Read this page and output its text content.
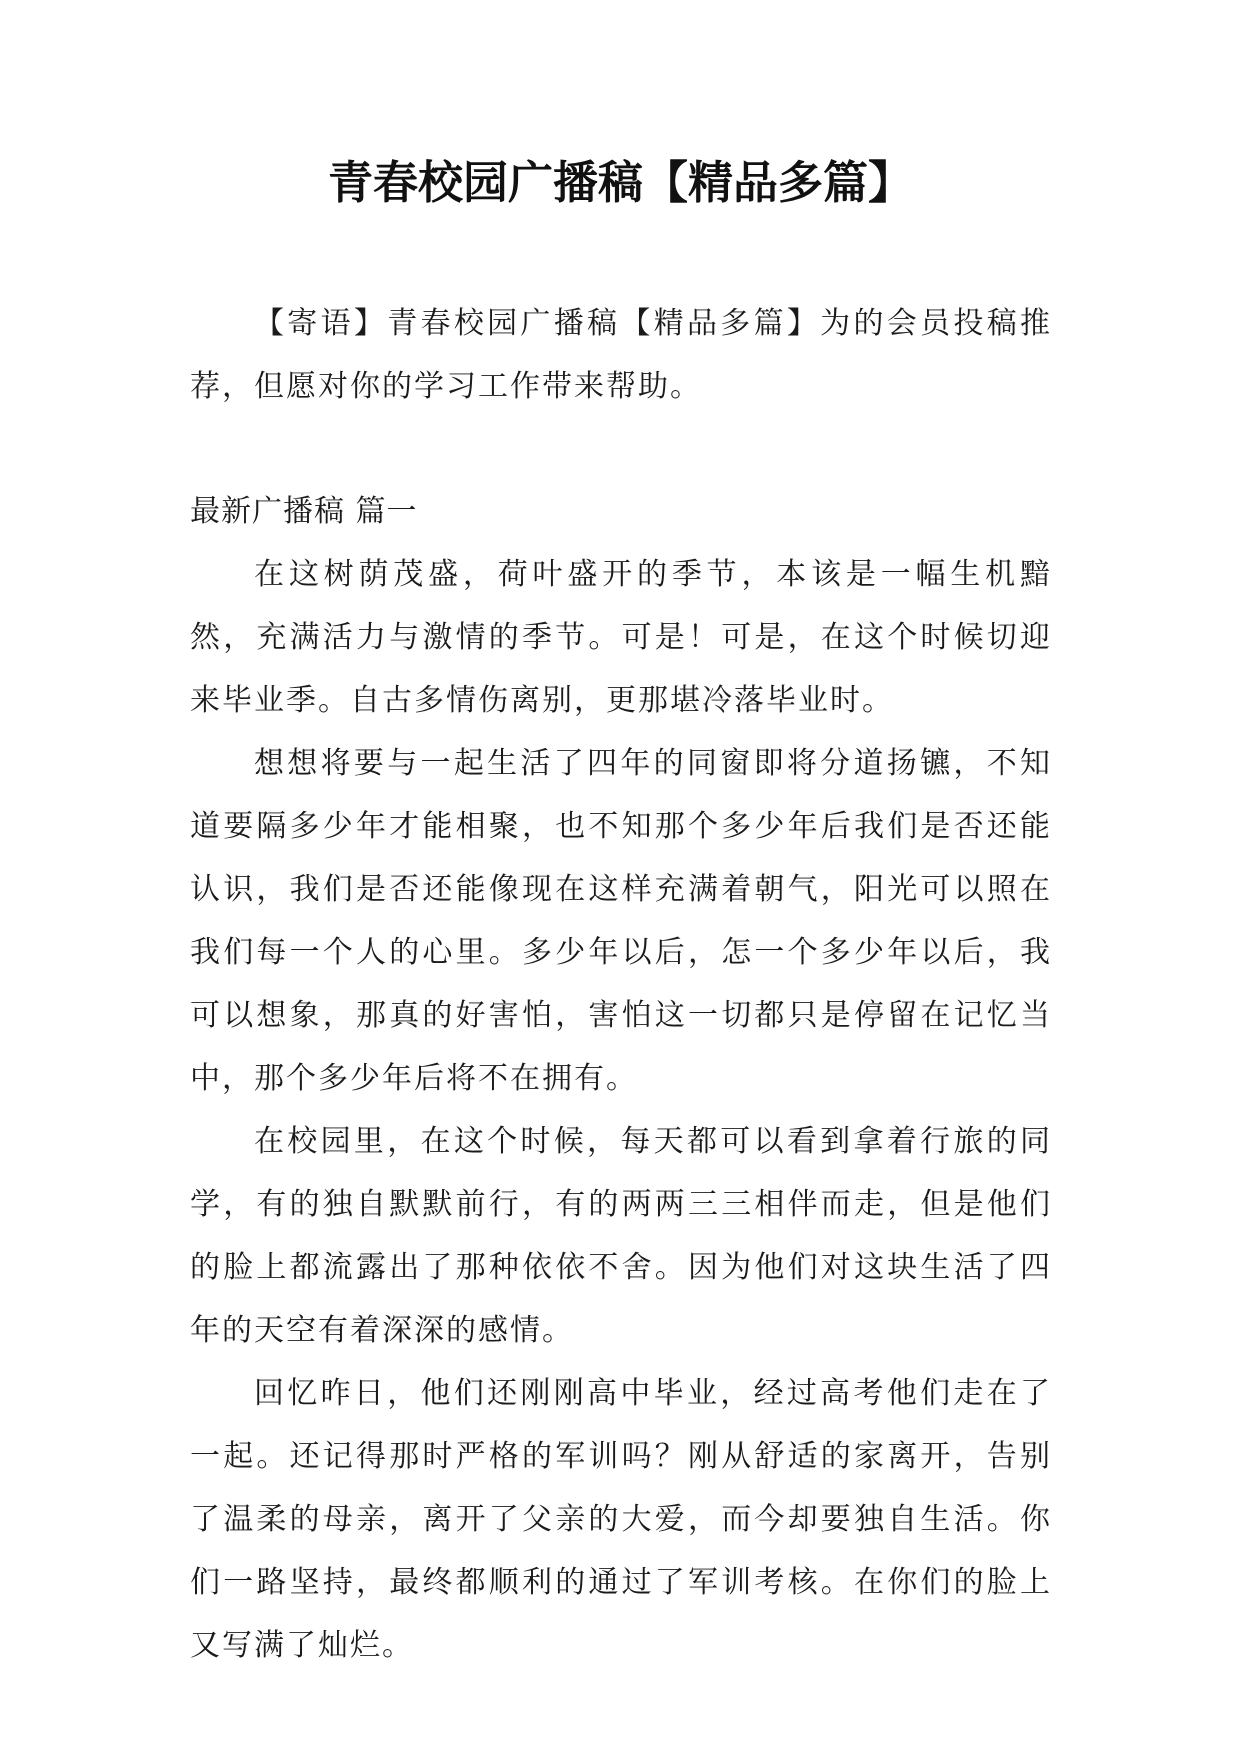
青春校园广播稿【精品多篇】

【寄语】青春校园广播稿【精品多篇】为的会员投稿推荐，但愿对你的学习工作带来帮助。

最新广播稿 篇一

在这树荫茂盛，荷叶盛开的季节，本该是一幅生机黯然，充满活力与激情的季节。可是！可是，在这个时候切迎来毕业季。自古多情伤离别，更那堪冷落毕业时。

想想将要与一起生活了四年的同窗即将分道扬镳，不知道要隔多少年才能相聚，也不知那个多少年后我们是否还能认识，我们是否还能像现在这样充满着朝气，阳光可以照在我们每一个人的心里。多少年以后，怎一个多少年以后，我可以想象，那真的好害怕，害怕这一切都只是停留在记忆当中，那个多少年后将不在拥有。

在校园里，在这个时候，每天都可以看到拿着行旅的同学，有的独自默默前行，有的两两三三相伴而走，但是他们的脸上都流露出了那种依依不舍。因为他们对这块生活了四年的天空有着深深的感情。

回忆昨日，他们还刚刚高中毕业，经过高考他们走在了一起。还记得那时严格的军训吗？刚从舒适的家离开，告别了温柔的母亲，离开了父亲的大爱，而今却要独自生活。你们一路坚持，最终都顺利的通过了军训考核。在你们的脸上又写满了灿烂。
